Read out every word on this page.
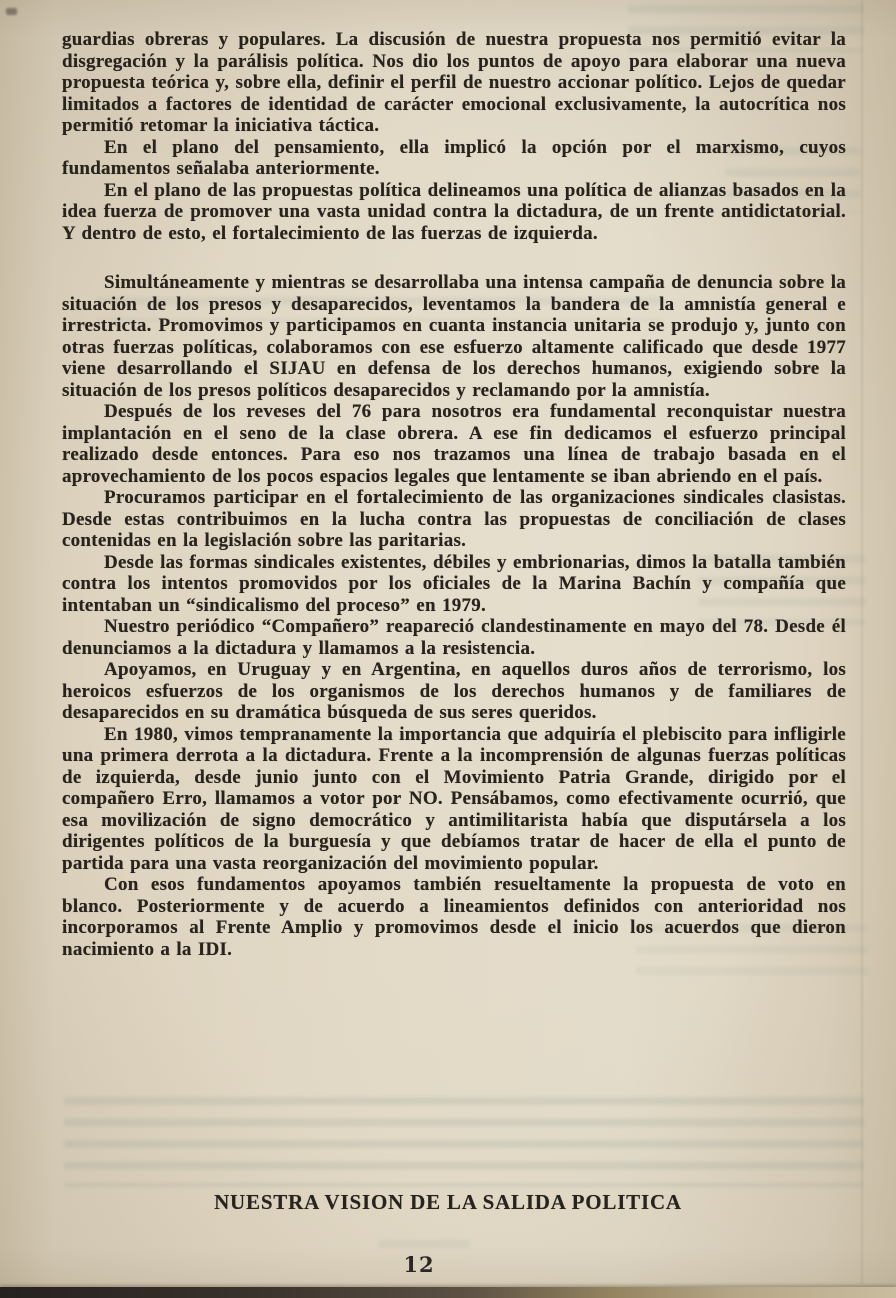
guardias obreras y populares. La discusión de nuestra propuesta nos permitió evitar la disgregación y la parálisis política. Nos dio los puntos de apoyo para elaborar una nueva propuesta teórica y, sobre ella, definir el perfil de nuestro accionar político. Lejos de quedar limitados a factores de identidad de carácter emocional exclusivamente, la autocrítica nos permitió retomar la iniciativa táctica.

En el plano del pensamiento, ella implicó la opción por el marxismo, cuyos fundamentos señalaba anteriormente.

En el plano de las propuestas política delineamos una política de alianzas basados en la idea fuerza de promover una vasta unidad contra la dictadura, de un frente antidictatorial. Y dentro de esto, el fortalecimiento de las fuerzas de izquierda.

Simultáneamente y mientras se desarrollaba una intensa campaña de denuncia sobre la situación de los presos y desaparecidos, leventamos la bandera de la amnistía general e irrestricta. Promovimos y participamos en cuanta instancia unitaria se produjo y, junto con otras fuerzas políticas, colaboramos con ese esfuerzo altamente calificado que desde 1977 viene desarrollando el SIJAU en defensa de los derechos humanos, exigiendo sobre la situación de los presos políticos desaparecidos y reclamando por la amnistía.

Después de los reveses del 76 para nosotros era fundamental reconquistar nuestra implantación en el seno de la clase obrera. A ese fin dedicamos el esfuerzo principal realizado desde entonces. Para eso nos trazamos una línea de trabajo basada en el aprovechamiento de los pocos espacios legales que lentamente se iban abriendo en el país.

Procuramos participar en el fortalecimiento de las organizaciones sindicales clasistas. Desde estas contribuimos en la lucha contra las propuestas de conciliación de clases contenidas en la legislación sobre las paritarias.

Desde las formas sindicales existentes, débiles y embrionarias, dimos la batalla también contra los intentos promovidos por los oficiales de la Marina Bachín y compañía que intentaban un “sindicalismo del proceso” en 1979.

Nuestro periódico “Compañero” reapareció clandestinamente en mayo del 78. Desde él denunciamos a la dictadura y llamamos a la resistencia.

Apoyamos, en Uruguay y en Argentina, en aquellos duros años de terrorismo, los heroicos esfuerzos de los organismos de los derechos humanos y de familiares de desaparecidos en su dramática búsqueda de sus seres queridos.

En 1980, vimos tempranamente la importancia que adquiría el plebiscito para infligirle una primera derrota a la dictadura. Frente a la incomprensión de algunas fuerzas políticas de izquierda, desde junio junto con el Movimiento Patria Grande, dirigido por el compañero Erro, llamamos a votor por NO. Pensábamos, como efectivamente ocurrió, que esa movilización de signo democrático y antimilitarista había que disputársela a los dirigentes políticos de la burguesía y que debíamos tratar de hacer de ella el punto de partida para una vasta reorganización del movimiento popular.

Con esos fundamentos apoyamos también resueltamente la propuesta de voto en blanco. Posteriormente y de acuerdo a lineamientos definidos con anterioridad nos incorporamos al Frente Amplio y promovimos desde el inicio los acuerdos que dieron nacimiento a la IDI.

NUESTRA VISION DE LA SALIDA POLITICA
12
